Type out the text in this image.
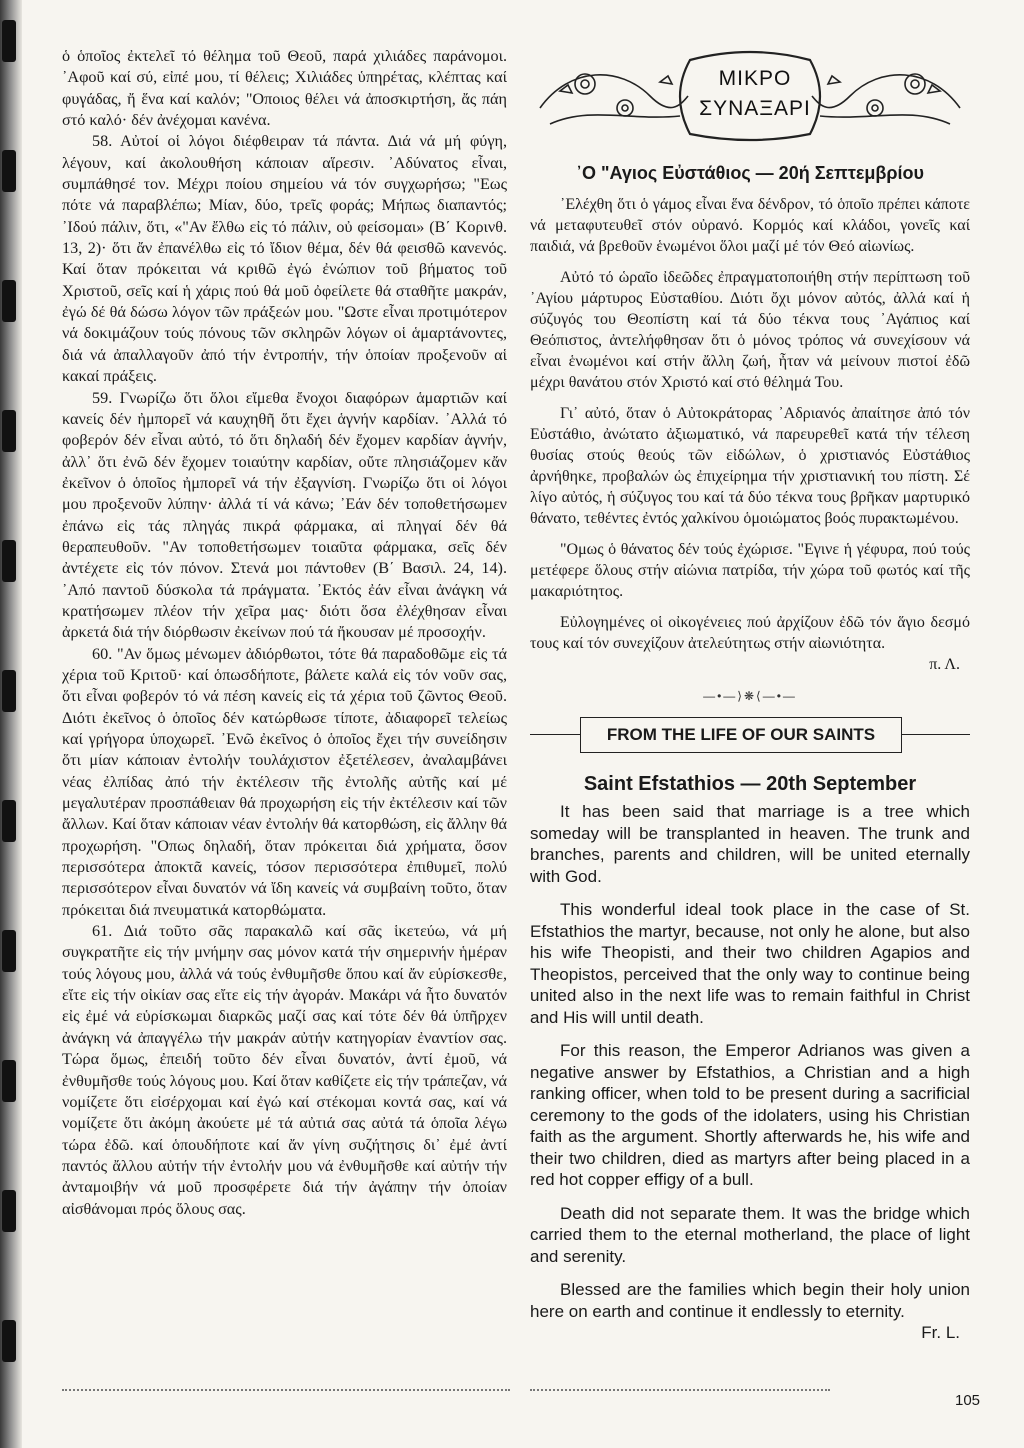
ὁ ὁποῖος ἐκτελεῖ τό θέλημα τοῦ Θεοῦ, παρά χιλιάδες παράνομοι. ᾿Αφοῦ καί σύ, εἰπέ μου, τί θέλεις; Χιλιάδες ὑπηρέτας, κλέπτας καί φυγάδας, ἤ ἕνα καί καλόν; "Οποιος θέλει νά ἀποσκιρτήση, ἄς πάη στό καλό· δέν ἀνέχομαι κανένα.

58. Αὐτοί οἱ λόγοι διέφθειραν τά πάντα. Διά νά μή φύγη, λέγουν, καί ἀκολουθήση κάποιαν αἵρεσιν. ᾿Αδύνατος εἶναι, συμπάθησέ τον. Μέχρι ποίου σημείου νά τόν συγχωρήσω; "Εως πότε νά παραβλέπω; Μίαν, δύο, τρεῖς φοράς; Μήπως διαπαντός; ᾿Ιδού πάλιν, ὅτι, «"Αν ἔλθω εἰς τό πάλιν, οὐ φείσομαι» (Β΄ Κορινθ. 13, 2)· ὅτι ἄν ἐπανέλθω εἰς τό ἴδιον θέμα, δέν θά φεισθῶ κανενός. Καί ὅταν πρόκειται νά κριθῶ ἐγώ ἐνώπιον τοῦ βήματος τοῦ Χριστοῦ, σεῖς καί ἡ χάρις πού θά μοῦ ὀφείλετε θά σταθῆτε μακράν, ἐγώ δέ θά δώσω λόγον τῶν πράξεών μου. "Ωστε εἶναι προτιμότερον νά δοκιμάζουν τούς πόνους τῶν σκληρῶν λόγων οἱ ἁμαρτάνοντες, διά νά ἀπαλλαγοῦν ἀπό τήν ἐντροπήν, τήν ὁποίαν προξενοῦν αἱ κακαί πράξεις.

59. Γνωρίζω ὅτι ὅλοι εἴμεθα ἔνοχοι διαφόρων ἁμαρτιῶν καί κανείς δέν ἠμπορεῖ νά καυχηθῆ ὅτι ἔχει ἁγνήν καρδίαν. ᾿Αλλά τό φοβερόν δέν εἶναι αὐτό, τό ὅτι δηλαδή δέν ἔχομεν καρδίαν ἁγνήν, ἀλλ᾿ ὅτι ἐνῶ δέν ἔχομεν τοιαύτην καρδίαν, οὔτε πλησιάζομεν κἄν ἐκεῖνον ὁ ὁποῖος ἠμπορεῖ νά τήν ἐξαγνίση. Γνωρίζω ὅτι οἱ λόγοι μου προξενοῦν λύπην· ἀλλά τί νά κάνω; ᾿Εάν δέν τοποθετήσωμεν ἐπάνω εἰς τάς πληγάς πικρά φάρμακα, αἱ πληγαί δέν θά θεραπευθοῦν. "Αν τοποθετήσωμεν τοιαῦτα φάρμακα, σεῖς δέν ἀντέχετε εἰς τόν πόνον. Στενά μοι πάντοθεν (Β΄ Βασιλ. 24, 14). ᾿Από παντοῦ δύσκολα τά πράγματα. ᾿Εκτός ἐάν εἶναι ἀνάγκη νά κρατήσωμεν πλέον τήν χεῖρα μας· διότι ὅσα ἐλέχθησαν εἶναι ἀρκετά διά τήν διόρθωσιν ἐκείνων πού τά ἤκουσαν μέ προσοχήν.

60. "Αν ὅμως μένωμεν ἀδιόρθωτοι, τότε θά παραδοθῶμε εἰς τά χέρια τοῦ Κριτοῦ· καί ὁπωσδήποτε, βάλετε καλά εἰς τόν νοῦν σας, ὅτι εἶναι φοβερόν τό νά πέση κανείς εἰς τά χέρια τοῦ ζῶντος Θεοῦ. Διότι ἐκεῖνος ὁ ὁποῖος δέν κατώρθωσε τίποτε, ἀδιαφορεῖ τελείως καί γρήγορα ὑποχωρεῖ. ᾿Ενῶ ἐκεῖνος ὁ ὁποῖος ἔχει τήν συνείδησιν ὅτι μίαν κάποιαν ἐντολήν τουλάχιστον ἐξετέλεσεν, ἀναλαμβάνει νέας ἐλπίδας ἀπό τήν ἐκτέλεσιν τῆς ἐντολῆς αὐτῆς καί μέ μεγαλυτέραν προσπάθειαν θά προχωρήση εἰς τήν ἐκτέλεσιν καί τῶν ἄλλων. Καί ὅταν κάποιαν νέαν ἐντολήν θά κατορθώση, εἰς ἄλλην θά προχωρήση. "Οπως δηλαδή, ὅταν πρόκειται διά χρήματα, ὅσον περισσότερα ἀποκτᾶ κανείς, τόσον περισσότερα ἐπιθυμεῖ, πολύ περισσότερον εἶναι δυνατόν νά ἴδη κανείς νά συμβαίνη τοῦτο, ὅταν πρόκειται διά πνευματικά κατορθώματα.

61. Διά τοῦτο σᾶς παρακαλῶ καί σᾶς ἱκετεύω, νά μή συγκρατῆτε εἰς τήν μνήμην σας μόνον κατά τήν σημερινήν ἡμέραν τούς λόγους μου, ἀλλά νά τούς ἐνθυμῆσθε ὅπου καί ἄν εὑρίσκεσθε, εἴτε εἰς τήν οἰκίαν σας εἴτε εἰς τήν ἀγοράν. Μακάρι νά ἦτο δυνατόν εἰς ἐμέ νά εὑρίσκωμαι διαρκῶς μαζί σας καί τότε δέν θά ὑπῆρχεν ἀνάγκη νά ἀπαγγέλω τήν μακράν αὐτήν κατηγορίαν ἐναντίον σας. Τώρα ὅμως, ἐπειδή τοῦτο δέν εἶναι δυνατόν, ἀντί ἐμοῦ, νά ἐνθυμῆσθε τούς λόγους μου. Καί ὅταν καθίζετε εἰς τήν τράπεζαν, νά νομίζετε ὅτι εἰσέρχομαι καί ἐγώ καί στέκομαι κοντά σας, καί νά νομίζετε ὅτι ἀκόμη ἀκούετε μέ τά αὐτιά σας αὐτά τά ὁποῖα λέγω τώρα ἐδῶ. καί ὁπουδήποτε καί ἄν γίνη συζήτησις δι᾿ ἐμέ ἀντί παντός ἄλλου αὐτήν τήν ἐντολήν μου νά ἐνθυμῆσθε καί αὐτήν τήν ἀνταμοιβήν νά μοῦ προσφέρετε διά τήν ἀγάπην τήν ὁποίαν αἰσθάνομαι πρός ὅλους σας.

ΜΙΚΡΟ
ΣΥΝΑΞΑΡΙ
᾿Ο "Αγιος Εὐστάθιος — 20ή Σεπτεμβρίου

᾿Ελέχθη ὅτι ὁ γάμος εἶναι ἕνα δένδρον, τό ὁποῖο πρέπει κάποτε νά μεταφυτευθεῖ στόν οὐρανό. Κορμός καί κλάδοι, γονεῖς καί παιδιά, νά βρεθοῦν ἑνωμένοι ὅλοι μαζί μέ τόν Θεό αἰωνίως.

Αὐτό τό ὡραῖο ἰδεῶδες ἐπραγματοποιήθη στήν περίπτωση τοῦ ᾿Αγίου μάρτυρος Εὐσταθίου. Διότι ὄχι μόνον αὐτός, ἀλλά καί ἡ σύζυγός του Θεοπίστη καί τά δύο τέκνα τους ᾿Αγάπιος καί Θεόπιστος, ἀντελήφθησαν ὅτι ὁ μόνος τρόπος νά συνεχίσουν νά εἶναι ἑνωμένοι καί στήν ἄλλη ζωή, ἦταν νά μείνουν πιστοί ἐδῶ μέχρι θανάτου στόν Χριστό καί στό θέλημά Του.

Γι᾿ αὐτό, ὅταν ὁ Αὐτοκράτορας ᾿Αδριανός ἀπαίτησε ἀπό τόν Εὐστάθιο, ἀνώτατο ἀξιωματικό, νά παρευρεθεῖ κατά τήν τέλεση θυσίας στούς θεούς τῶν εἰδώλων, ὁ χριστιανός Εὐστάθιος ἀρνήθηκε, προβαλών ὡς ἐπιχείρημα τήν χριστιανική του πίστη. Σέ λίγο αὐτός, ἡ σύζυγος του καί τά δύο τέκνα τους βρῆκαν μαρτυρικό θάνατο, τεθέντες ἐντός χαλκίνου ὁμοιώματος βοός πυρακτωμένου.

"Ομως ὁ θάνατος δέν τούς ἐχώρισε. "Εγινε ἡ γέφυρα, πού τούς μετέφερε ὅλους στήν αἰώνια πατρίδα, τήν χώρα τοῦ φωτός καί τῆς μακαριότητος.

Εὐλογημένες οἱ οἰκογένειες πού ἀρχίζουν ἐδῶ τόν ἅγιο δεσμό τους καί τόν συνεχίζουν ἀτελεύτητως στήν αἰωνιότητα.

π. Λ.
—•—⟩❋⟨—•—
FROM THE LIFE OF OUR SAINTS
Saint Efstathios — 20th September

It has been said that marriage is a tree which someday will be transplanted in heaven. The trunk and branches, parents and children, will be united eternally with God.

This wonderful ideal took place in the case of St. Efstathios the martyr, because, not only he alone, but also his wife Theopisti, and their two children Agapios and Theopistos, perceived that the only way to continue being united also in the next life was to remain faithful in Christ and His will until death.

For this reason, the Emperor Adrianos was given a negative answer by Efstathios, a Christian and a high ranking officer, when told to be present during a sacrificial ceremony to the gods of the idolaters, using his Christian faith as the argument. Shortly afterwards he, his wife and their two children, died as martyrs after being placed in a red hot copper effigy of a bull.

Death did not separate them. It was the bridge which carried them to the eternal motherland, the place of light and serenity.

Blessed are the families which begin their holy union here on earth and continue it endlessly to eternity.

Fr. L.
105
